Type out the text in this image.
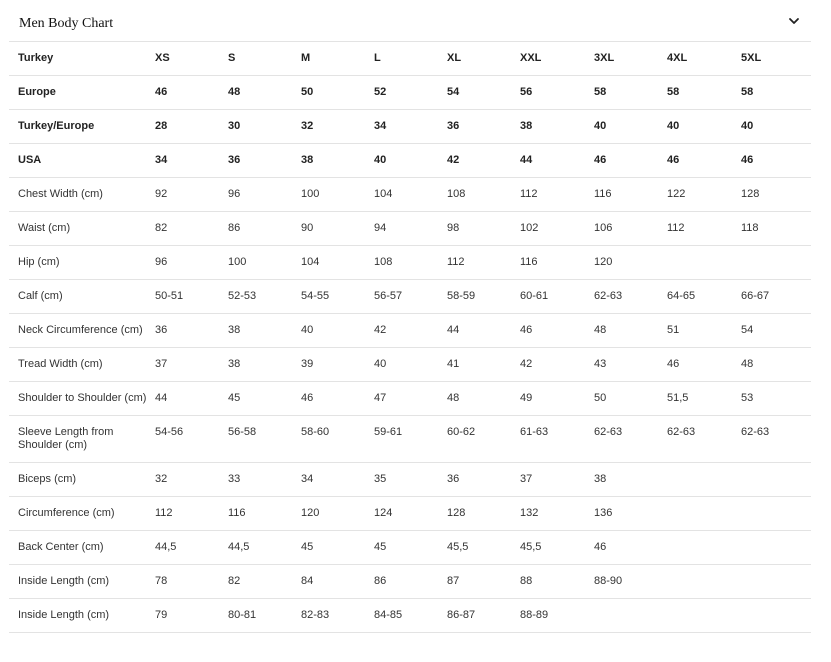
Men Body Chart
Turkey	XS	S	M	L	XL	XXL	3XL	4XL	5XL
Europe	46	48	50	52	54	56	58	58	58
Turkey/Europe	28	30	32	34	36	38	40	40	40
USA	34	36	38	40	42	44	46	46	46
Chest Width (cm)	92	96	100	104	108	112	116	122	128
Waist (cm)	82	86	90	94	98	102	106	112	118
Hip (cm)	96	100	104	108	112	116	120		
Calf (cm)	50-51	52-53	54-55	56-57	58-59	60-61	62-63	64-65	66-67
Neck Circumference (cm)	36	38	40	42	44	46	48	51	54
Tread Width (cm)	37	38	39	40	41	42	43	46	48
Shoulder to Shoulder (cm)	44	45	46	47	48	49	50	51,5	53
Sleeve Length from Shoulder (cm)	54-56	56-58	58-60	59-61	60-62	61-63	62-63	62-63	62-63
Biceps (cm)	32	33	34	35	36	37	38		
Circumference (cm)	112	116	120	124	128	132	136		
Back Center (cm)	44,5	44,5	45	45	45,5	45,5	46		
Inside Length (cm)	78	82	84	86	87	88	88-90		
Inside Length (cm)	79	80-81	82-83	84-85	86-87	88-89			
